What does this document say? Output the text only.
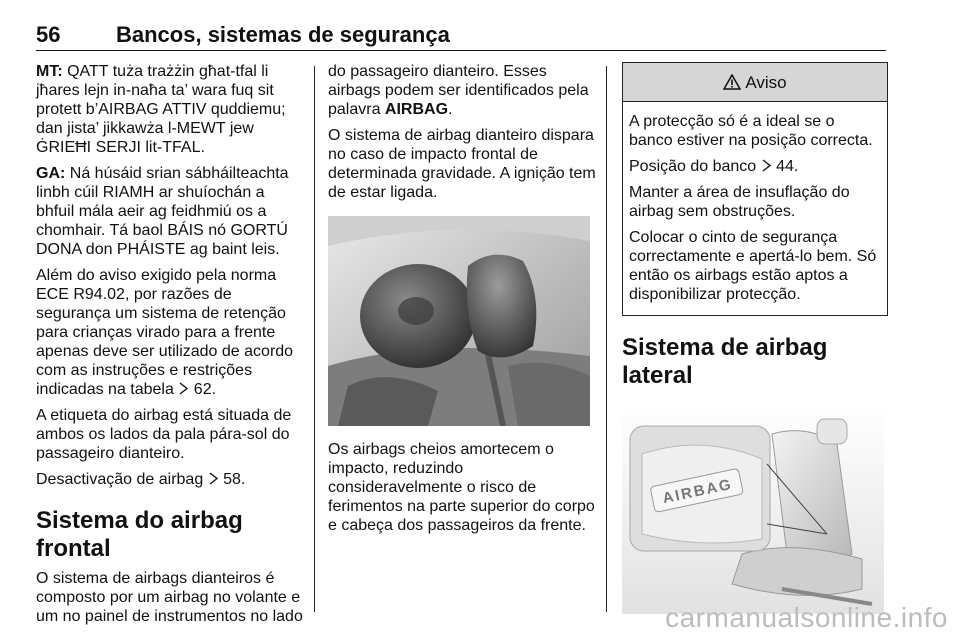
56	Bancos, sistemas de segurança

MT: QATT tuża trażżin għat-tfal li jħares lejn in-naħa ta’ wara fuq sit protett b’AIRBAG ATTIV quddiemu; dan jista’ jikkawża l-MEWT jew ĠRIEĦI SERJI lit-TFAL.

GA: Ná húsáid srian sábháilteachta linbh cúil RIAMH ar shuíochán a bhfuil mála aeir ag feidhmiú os a chomhair. Tá baol BÁIS nó GORTÚ DONA don PHÁISTE ag baint leis.

Além do aviso exigido pela norma ECE R94.02, por razões de segurança um sistema de retenção para crianças virado para a frente apenas deve ser utilizado de acordo com as instruções e restrições indicadas na tabela 62.

A etiqueta do airbag está situada de ambos os lados da pala pára-sol do passageiro dianteiro.

Desactivação de airbag 58.

Sistema do airbag frontal

O sistema de airbags dianteiros é composto por um airbag no volante e um no painel de instrumentos no lado

do passageiro dianteiro. Esses airbags podem ser identificados pela palavra AIRBAG.

O sistema de airbag dianteiro dispara no caso de impacto frontal de determinada gravidade. A ignição tem de estar ligada.

Os airbags cheios amortecem o impacto, reduzindo consideravelmente o risco de ferimentos na parte superior do corpo e cabeça dos passageiros da frente.

Aviso

A protecção só é a ideal se o banco estiver na posição correcta.

Posição do banco 44.

Manter a área de insuflação do airbag sem obstruções.

Colocar o cinto de segurança correctamente e apertá-lo bem. Só então os airbags estão aptos a disponibilizar protecção.

Sistema de airbag lateral
AIRBAG
carmanualsonline.info
